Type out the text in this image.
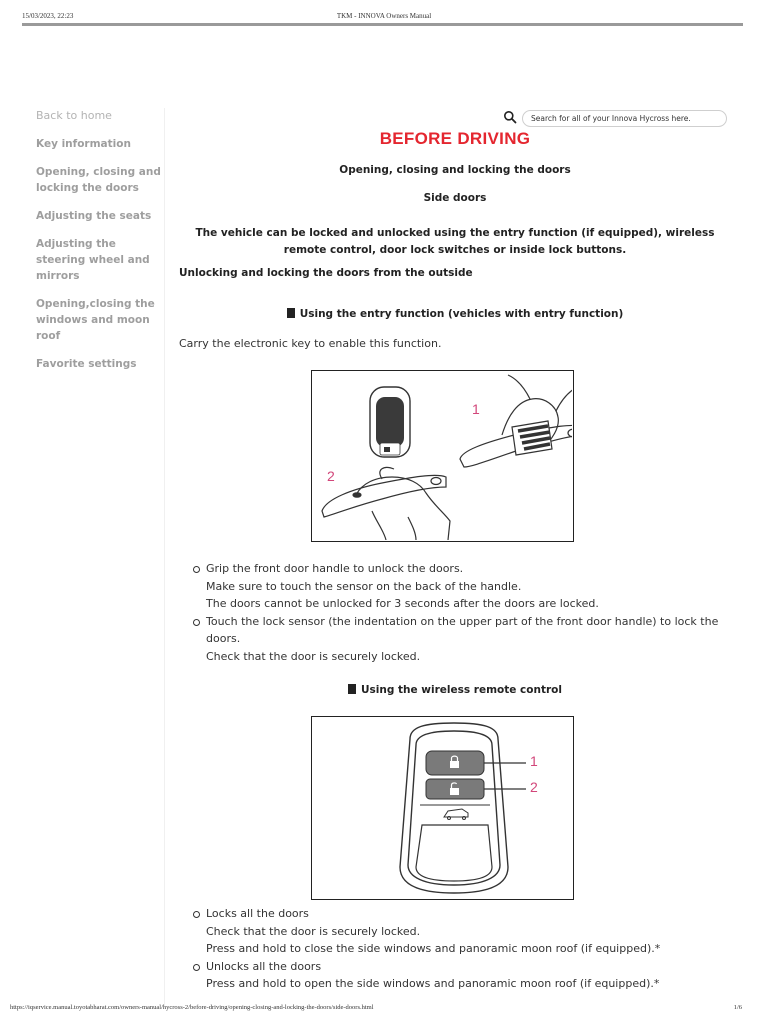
15/03/2023, 22:23	TKM - INNOVA Owners Manual
Back to home
Key information
Opening, closing and locking the doors
Adjusting the seats
Adjusting the steering wheel and mirrors
Opening,closing the windows and moon roof
Favorite settings
Search for all of your Innova Hycross here.
BEFORE DRIVING
Opening, closing and locking the doors
Side doors

The vehicle can be locked and unlocked using the entry function (if equipped), wireless remote control, door lock switches or inside lock buttons.

Unlocking and locking the doors from the outside
Using the entry function (vehicles with entry function)

Carry the electronic key to enable this function.

1
2
Grip the front door handle to unlock the doors.
Make sure to touch the sensor on the back of the handle.
The doors cannot be unlocked for 3 seconds after the doors are locked.
Touch the lock sensor (the indentation on the upper part of the front door handle) to lock the doors.
Check that the door is securely locked.
Using the wireless remote control
1
2
Locks all the doors
Check that the door is securely locked.
Press and hold to close the side windows and panoramic moon roof (if equipped).*
Unlocks all the doors
Press and hold to open the side windows and panoramic moon roof (if equipped).*
https://iqservice.manual.toyotabharat.com/owners-manual/hycross-2/before-driving/opening-closing-and-locking-the-doors/side-doors.html	1/6
